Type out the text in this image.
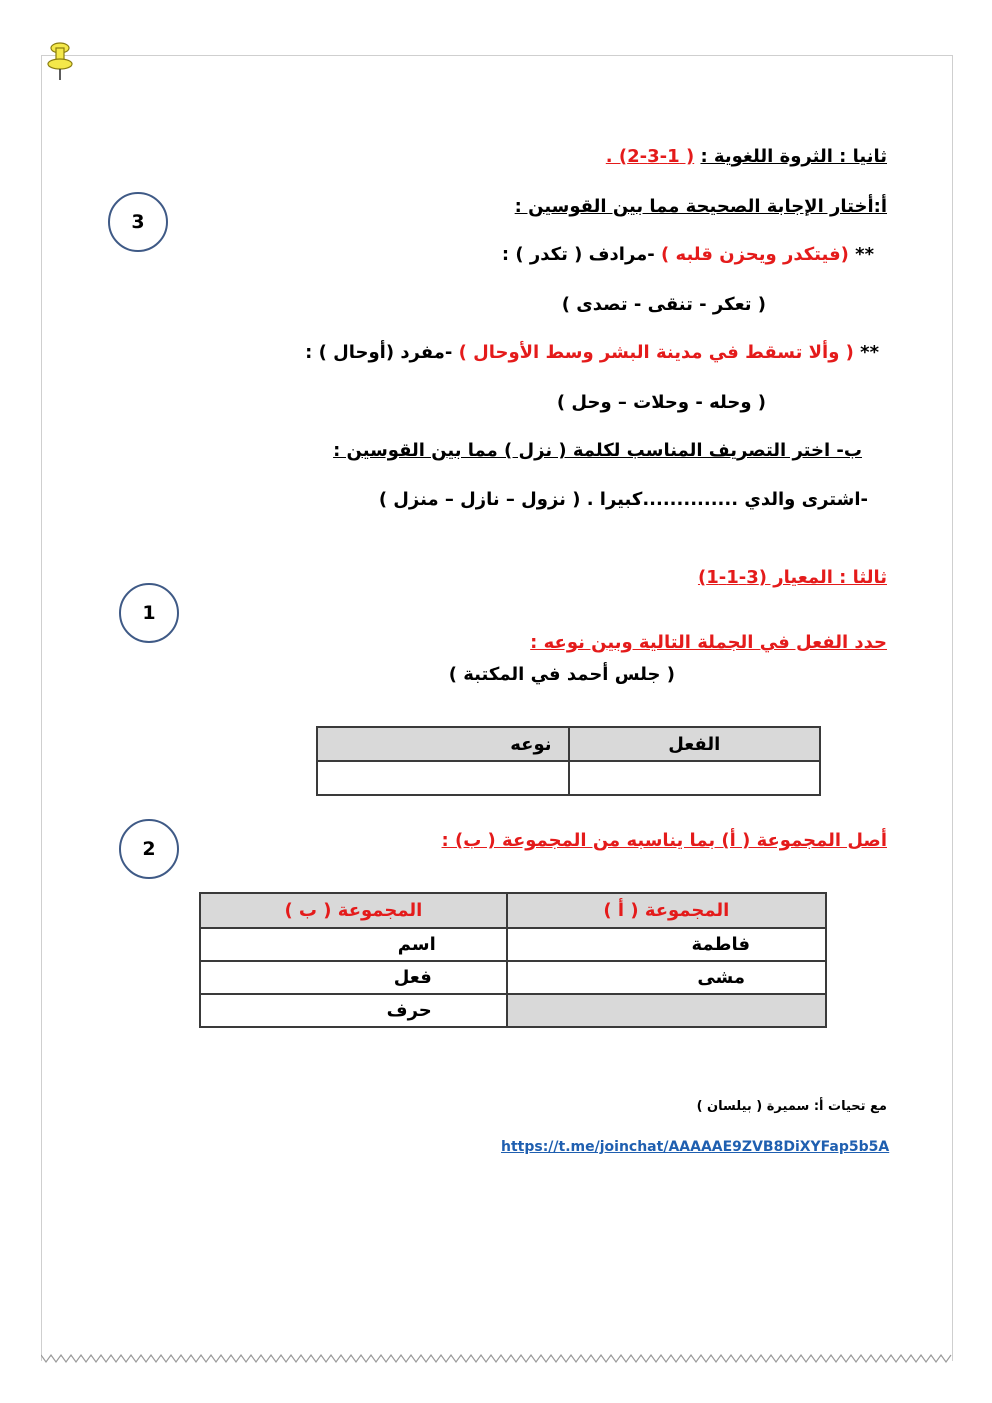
ثانيا : الثروة اللغوية : ( 1-3-2) .
3
أ:أختار الإجابة الصحيحة مما بين القوسين :
** (فيتكدر ويحزن قلبه ) -مرادف ( تكدر ) :
( تعكر - تنقى - تصدى )
** ( وألا تسقط في مدينة البشر وسط الأوحال ) -مفرد (أوحال ) :
( وحله - وحلات – وحل )
ب- اختر التصريف المناسب لكلمة ( نزل ) مما بين القوسين :
-اشترى والدي ..............كبيرا . ( نزول – نازل – منزل )
ثالثا : المعيار (3-1-1)
1
حدد الفعل في الجملة التالية وبين نوعه :
( جلس أحمد في المكتبة )
الفعل	نوعه

2	أصل المجموعة ( أ) بما يناسبه من المجموعة ( ب) :
المجموعة ( أ )	المجموعة ( ب )
فاطمة	اسم
مشى	فعل
	حرف
مع تحيات أ: سميرة ( بيلسان )
https://t.me/joinchat/AAAAAE9ZVB8DiXYFap5b5A
